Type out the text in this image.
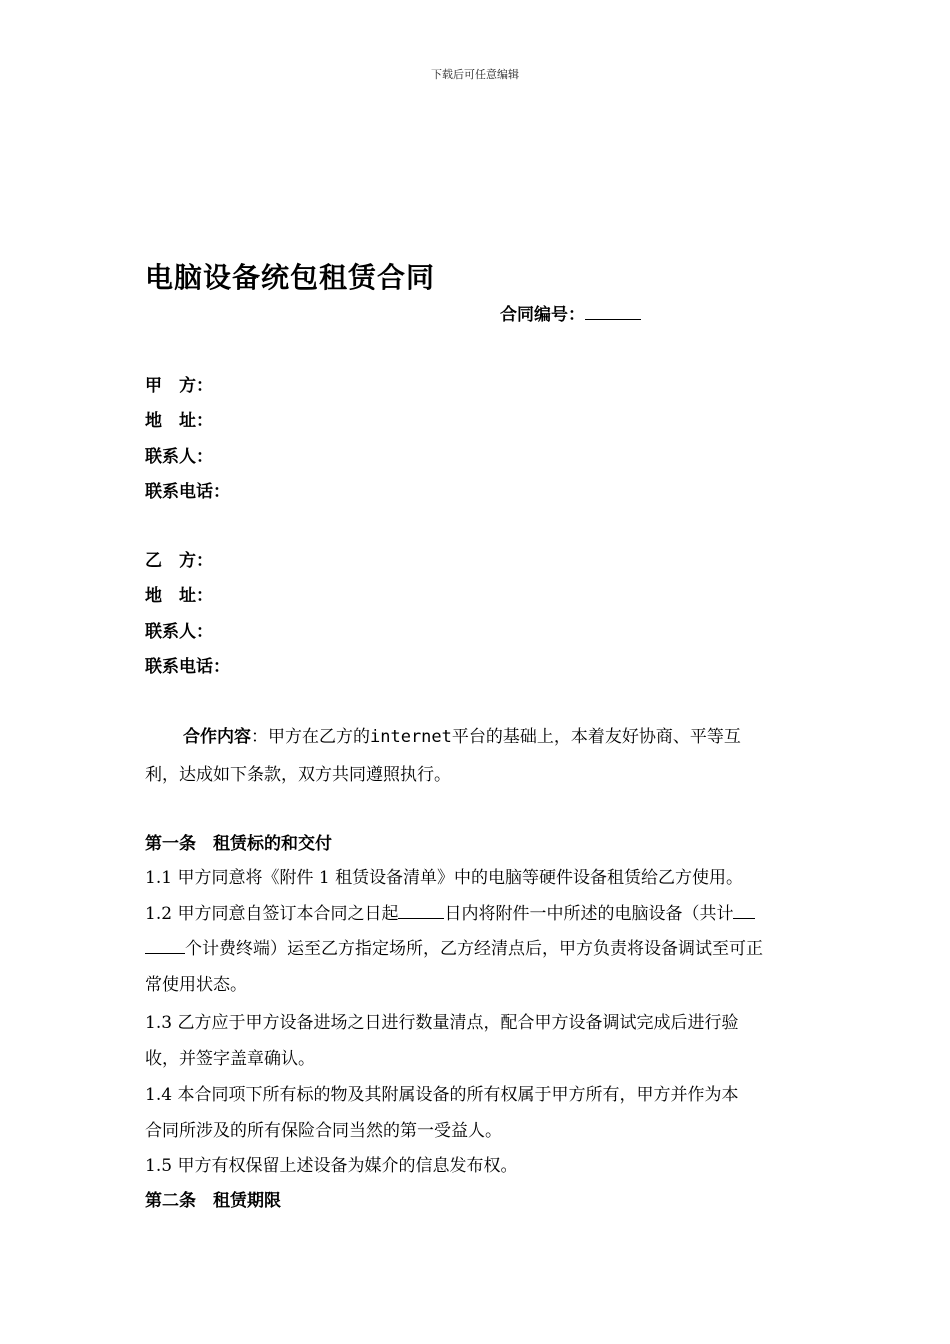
下载后可任意编辑
电脑设备统包租赁合同
合同编号：
甲　方：
地　址：
联系人：
联系电话：
乙　方：
地　址：
联系人：
联系电话：
合作内容：甲方在乙方的internet平台的基础上，本着友好协商、平等互
利，达成如下条款，双方共同遵照执行。
第一条　租赁标的和交付
1.1 甲方同意将《附件 1 租赁设备清单》中的电脑等硬件设备租赁给乙方使用。
1.2 甲方同意自签订本合同之日起	日内将附件一中所述的电脑设备（共计
个计费终端）运至乙方指定场所，乙方经清点后，甲方负责将设备调试至可正
常使用状态。
1.3 乙方应于甲方设备进场之日进行数量清点，配合甲方设备调试完成后进行验
收，并签字盖章确认。
1.4 本合同项下所有标的物及其附属设备的所有权属于甲方所有，甲方并作为本
合同所涉及的所有保险合同当然的第一受益人。
1.5 甲方有权保留上述设备为媒介的信息发布权。
第二条　租赁期限
